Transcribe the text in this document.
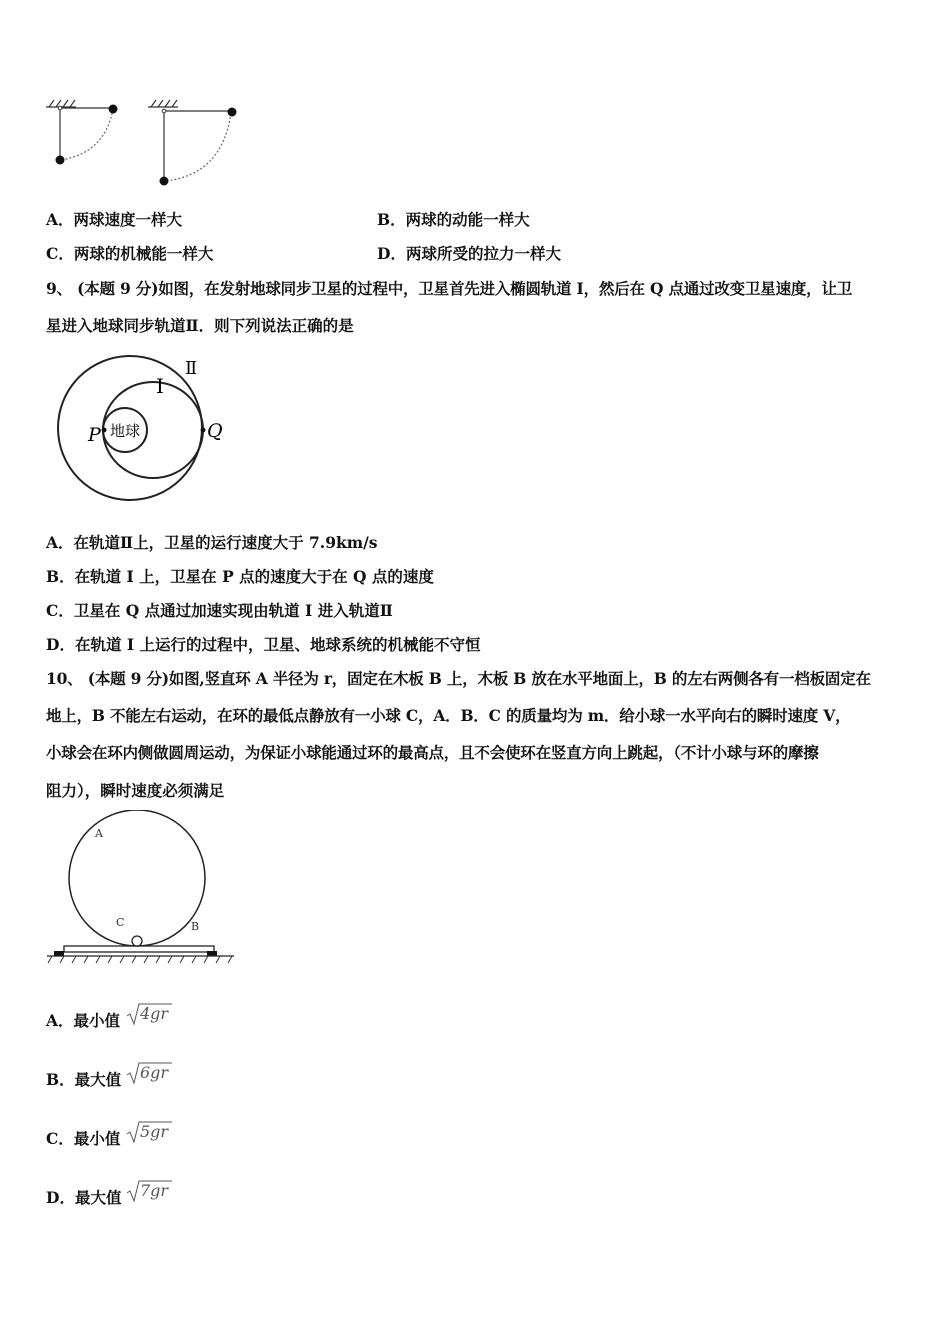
A．两球速度一样大	B．两球的动能一样大
C．两球的机械能一样大	D．两球所受的拉力一样大
9、 (本题 9 分)如图，在发射地球同步卫星的过程中，卫星首先进入椭圆轨道 I，然后在 Q 点通过改变卫星速度，让卫
星进入地球同步轨道Ⅱ．则下列说法正确的是
地球
P	Q
I
Ⅱ
A．在轨道Ⅱ上，卫星的运行速度大于 7.9km/s
B．在轨道 I 上，卫星在 P 点的速度大于在 Q 点的速度
C．卫星在 Q 点通过加速实现由轨道 I 进入轨道Ⅱ
D．在轨道 I 上运行的过程中，卫星、地球系统的机械能不守恒
10、 (本题 9 分)如图,竖直环 A 半径为 r，固定在木板 B 上，木板 B 放在水平地面上，B 的左右两侧各有一档板固定在
地上，B 不能左右运动，在环的最低点静放有一小球 C，A．B．C 的质量均为 m．给小球一水平向右的瞬时速度 V，
小球会在环内侧做圆周运动，为保证小球能通过环的最高点，且不会使环在竖直方向上跳起，（不计小球与环的摩擦
阻力），瞬时速度必须满足
A
C	B
A．最小值 4gr
B．最大值 6gr
C．最小值 5gr
D．最大值 7gr
